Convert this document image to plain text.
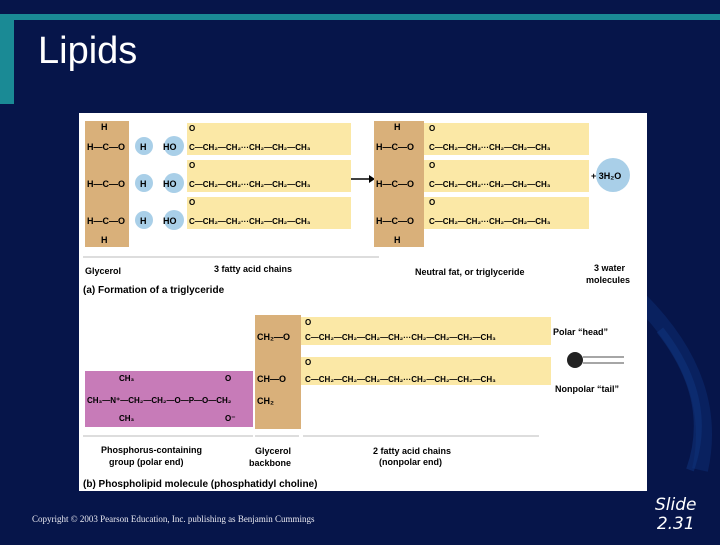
Lipids
H
H—C—O
H—C—O
H—C—O
H
H
H
H
HO
HO
HO
O
O
O
C—CH₂—CH₂···CH₂—CH₂—CH₃
C—CH₂—CH₂···CH₂—CH₂—CH₃
C—CH₂—CH₂···CH₂—CH₂—CH₃
H
H—C—O
H—C—O
H—C—O
H
O
O
O
C—CH₂—CH₂···CH₂—CH₂—CH₃
C—CH₂—CH₂···CH₂—CH₂—CH₃
C—CH₂—CH₂···CH₂—CH₂—CH₃
+ 3H₂O
Glycerol	3 fatty acid chains	Neutral fat, or triglyceride	3 water
molecules
(a) Formation of a triglyceride
CH₂—O
CH—O
CH₂
O
O
C—CH₂—CH₂—CH₂—CH₂···CH₂—CH₂—CH₂—CH₃
C—CH₂—CH₂—CH₂—CH₂···CH₂—CH₂—CH₂—CH₃
CH₃	O
CH₃—N⁺—CH₂—CH₂—O—P—O—CH₂
CH₃	O⁻
Polar “head”
Nonpolar “tail”
Phosphorus-containing
group (polar end)
Glycerol
backbone
2 fatty acid chains
(nonpolar end)
(b) Phospholipid molecule (phosphatidyl choline)
Copyright © 2003 Pearson Education, Inc. publishing as Benjamin Cummings
Slide
2.31
